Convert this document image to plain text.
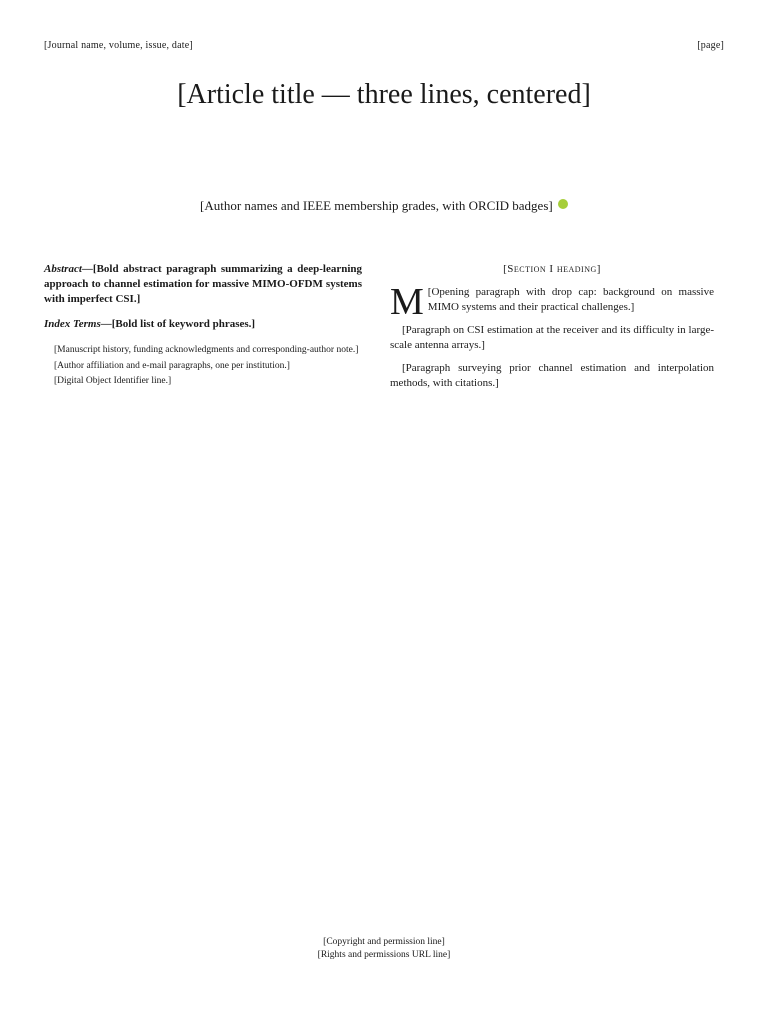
[Journal name, volume, issue, date]	[page]
[Article title — three lines, centered]
[Author names and IEEE membership grades, with ORCID badges]

Abstract—[Bold abstract paragraph summarizing a deep-learning approach to channel estimation for massive MIMO-OFDM systems with imperfect CSI.]

Index Terms—[Bold list of keyword phrases.]

[Manuscript history, funding acknowledgments and corresponding-author note.]

[Author affiliation and e-mail paragraphs, one per institution.]

[Digital Object Identifier line.]

[Section I heading]

M [Opening paragraph with drop cap: background on massive MIMO systems and their practical challenges.]

[Paragraph on CSI estimation at the receiver and its difficulty in large-scale antenna arrays.]

[Paragraph surveying prior channel estimation and interpolation methods, with citations.]

[Copyright and permission line]
[Rights and permissions URL line]
